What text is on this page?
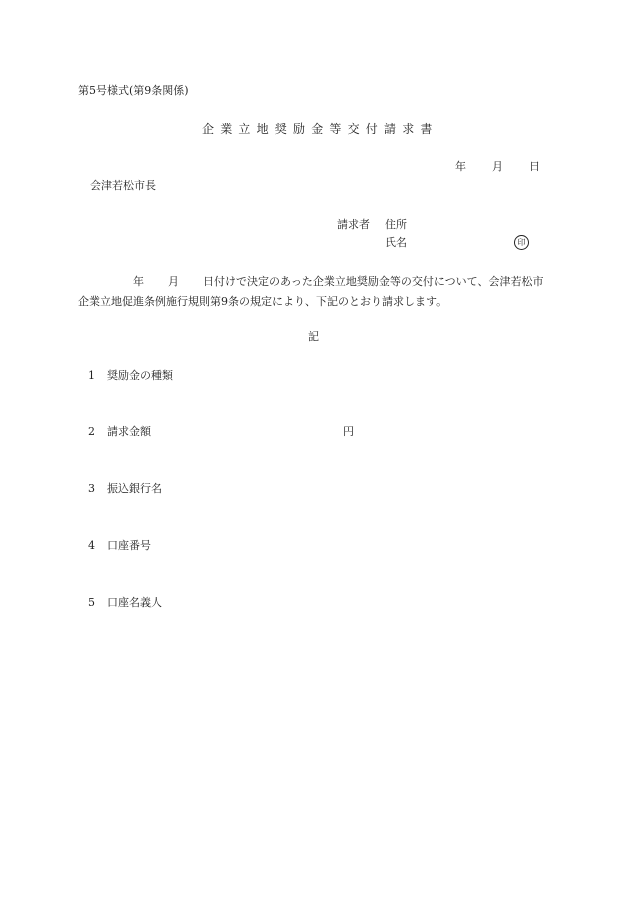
第5号様式(第9条関係)
企業立地奨励金等交付請求書
年 月 日
会津若松市長
請求者 住所
氏名	印
年 月 日付けで決定のあった企業立地奨励金等の交付について、会津若松市企業立地促進条例施行規則第9条の規定により、下記のとおり請求します。
記
1 奨励金の種類
2 請求金額	円
3 振込銀行名
4 口座番号
5 口座名義人
